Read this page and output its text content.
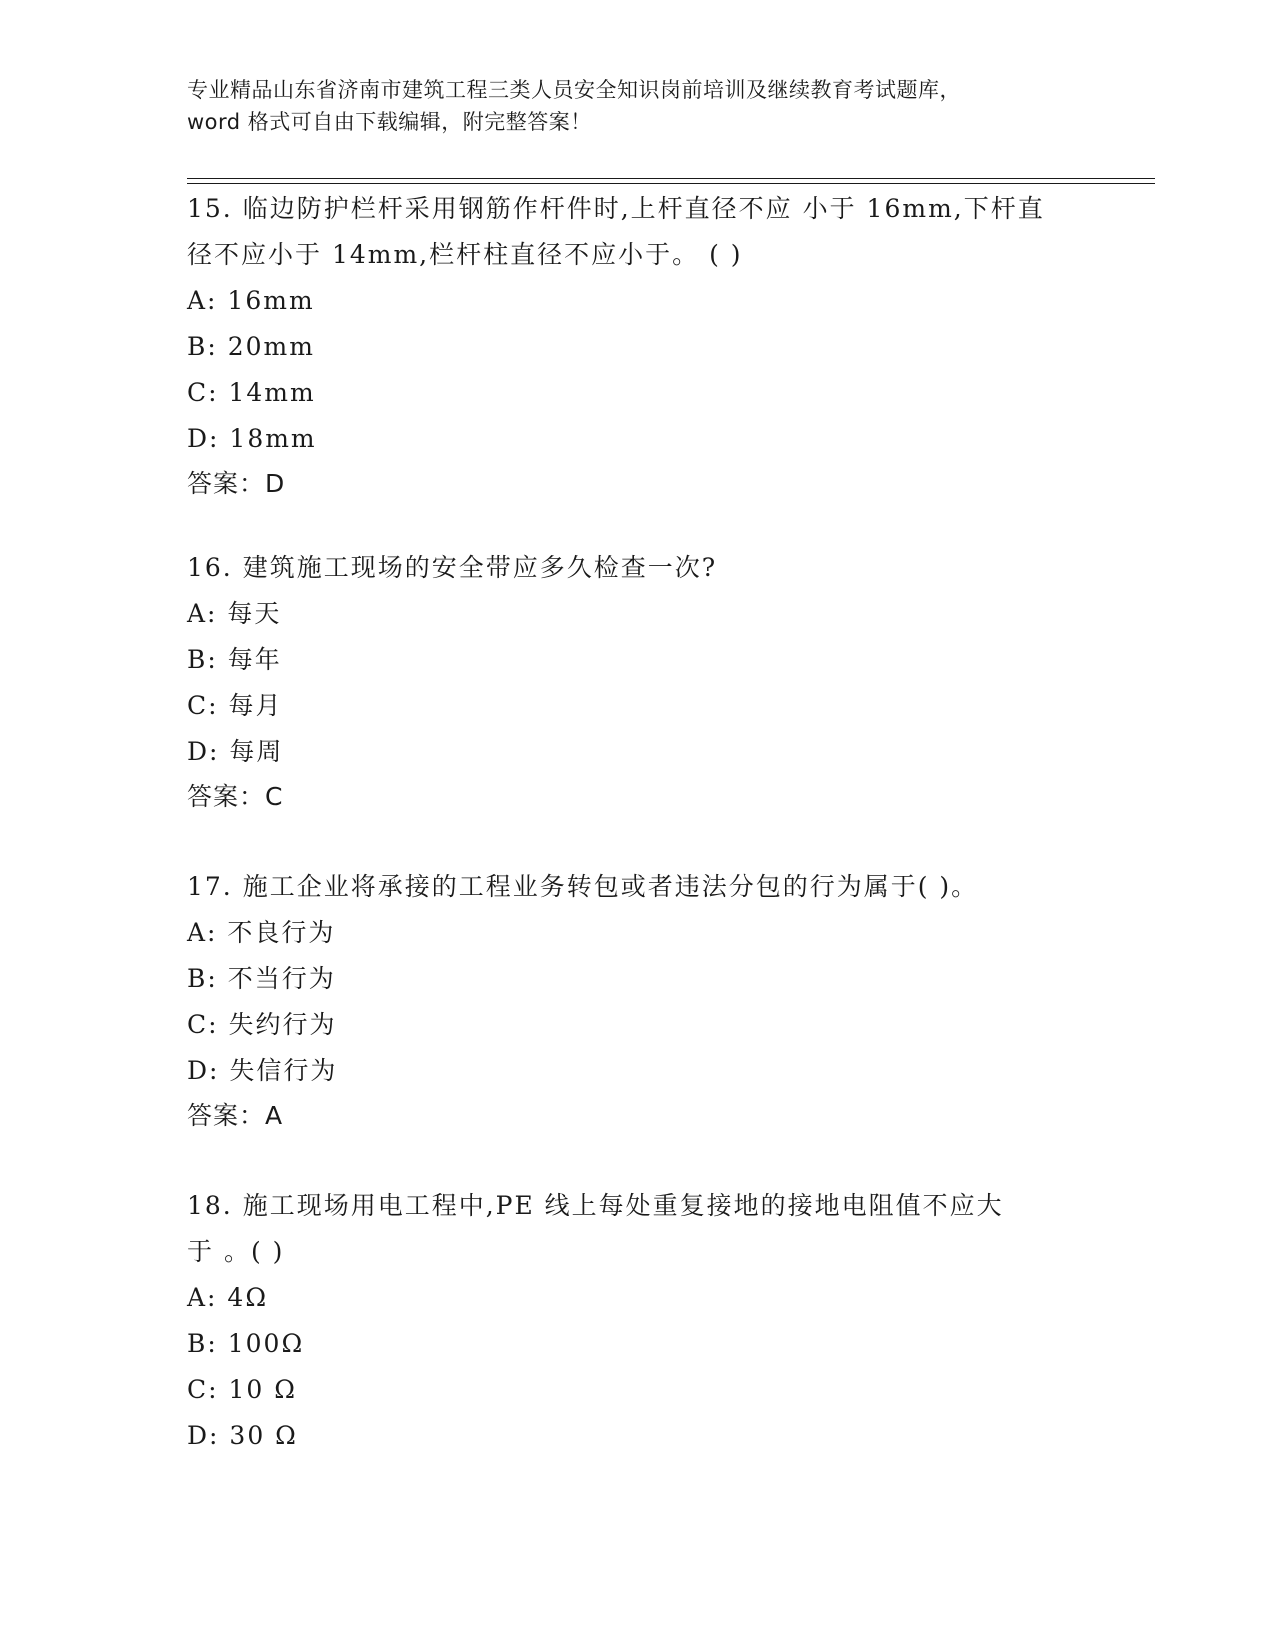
专业精品山东省济南市建筑工程三类人员安全知识岗前培训及继续教育考试题库，
word 格式可自由下载编辑，附完整答案！
15. 临边防护栏杆采用钢筋作杆件时,上杆直径不应 小于 16mm,下杆直
径不应小于 14mm,栏杆柱直径不应小于。 ( )
A: 16mm
B: 20mm
C: 14mm
D: 18mm
答案：D
16. 建筑施工现场的安全带应多久检查一次?
A: 每天
B: 每年
C: 每月
D: 每周
答案：C
17. 施工企业将承接的工程业务转包或者违法分包的行为属于( )。
A: 不良行为
B: 不当行为
C: 失约行为
D: 失信行为
答案：A
18. 施工现场用电工程中,PE 线上每处重复接地的接地电阻值不应大
于 。( )
A: 4Ω
B: 100Ω
C: 10 Ω
D: 30 Ω
